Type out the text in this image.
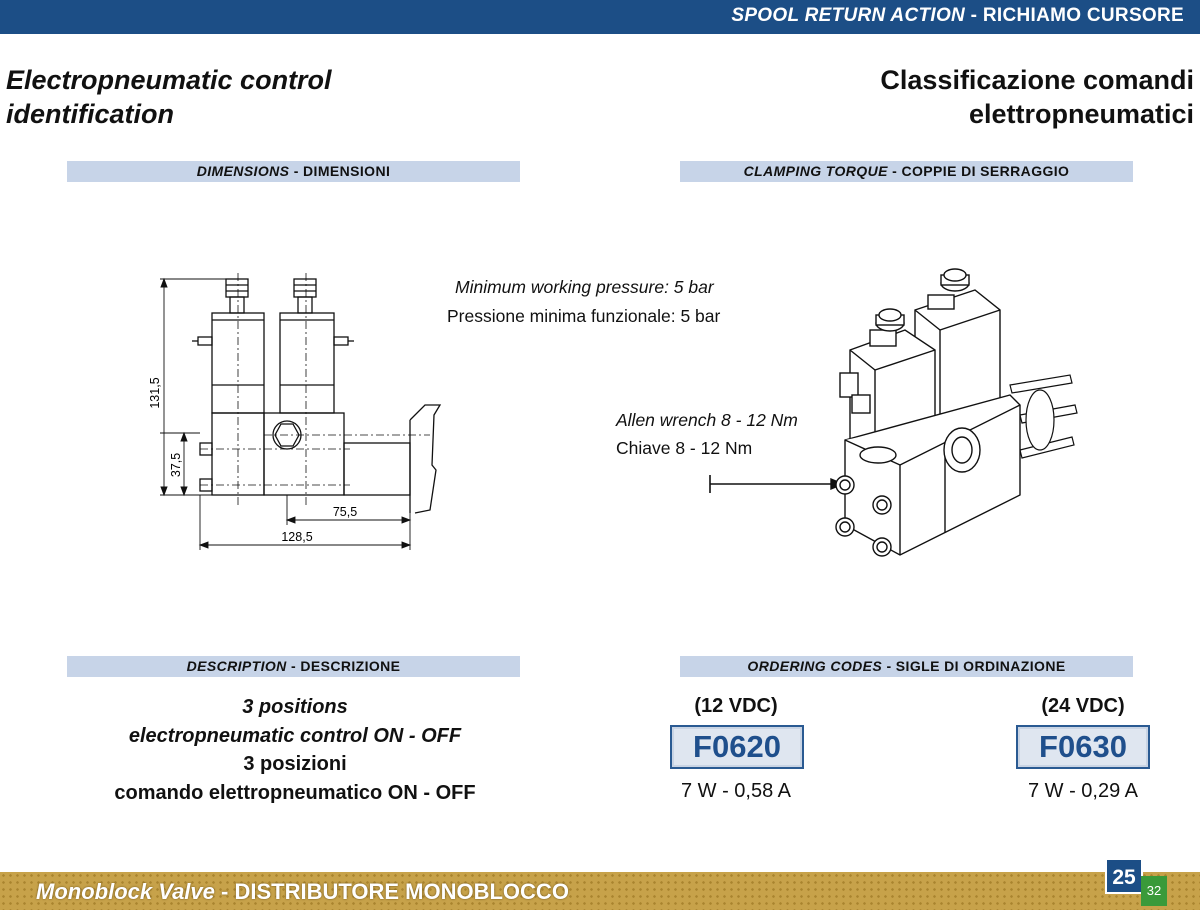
SPOOL RETURN ACTION - RICHIAMO CURSORE
Electropneumatic control
identification
Classificazione comandi
elettropneumatici
DIMENSIONS - DIMENSIONI	CLAMPING TORQUE - COPPIE DI SERRAGGIO
DESCRIPTION - DESCRIZIONE	ORDERING CODES - SIGLE DI ORDINAZIONE
131,5
37,5
75,5
128,5
Minimum working pressure: 5 bar
Pressione minima funzionale: 5 bar
Allen wrench 8 - 12 Nm
Chiave 8 - 12 Nm
3 positions
electropneumatic control ON - OFF
3 posizioni
comando elettropneumatico ON - OFF
(12 VDC)
F0620
7 W - 0,58 A
(24 VDC)
F0630
7 W - 0,29 A
Monoblock Valve - DISTRIBUTORE MONOBLOCCO
25
32
